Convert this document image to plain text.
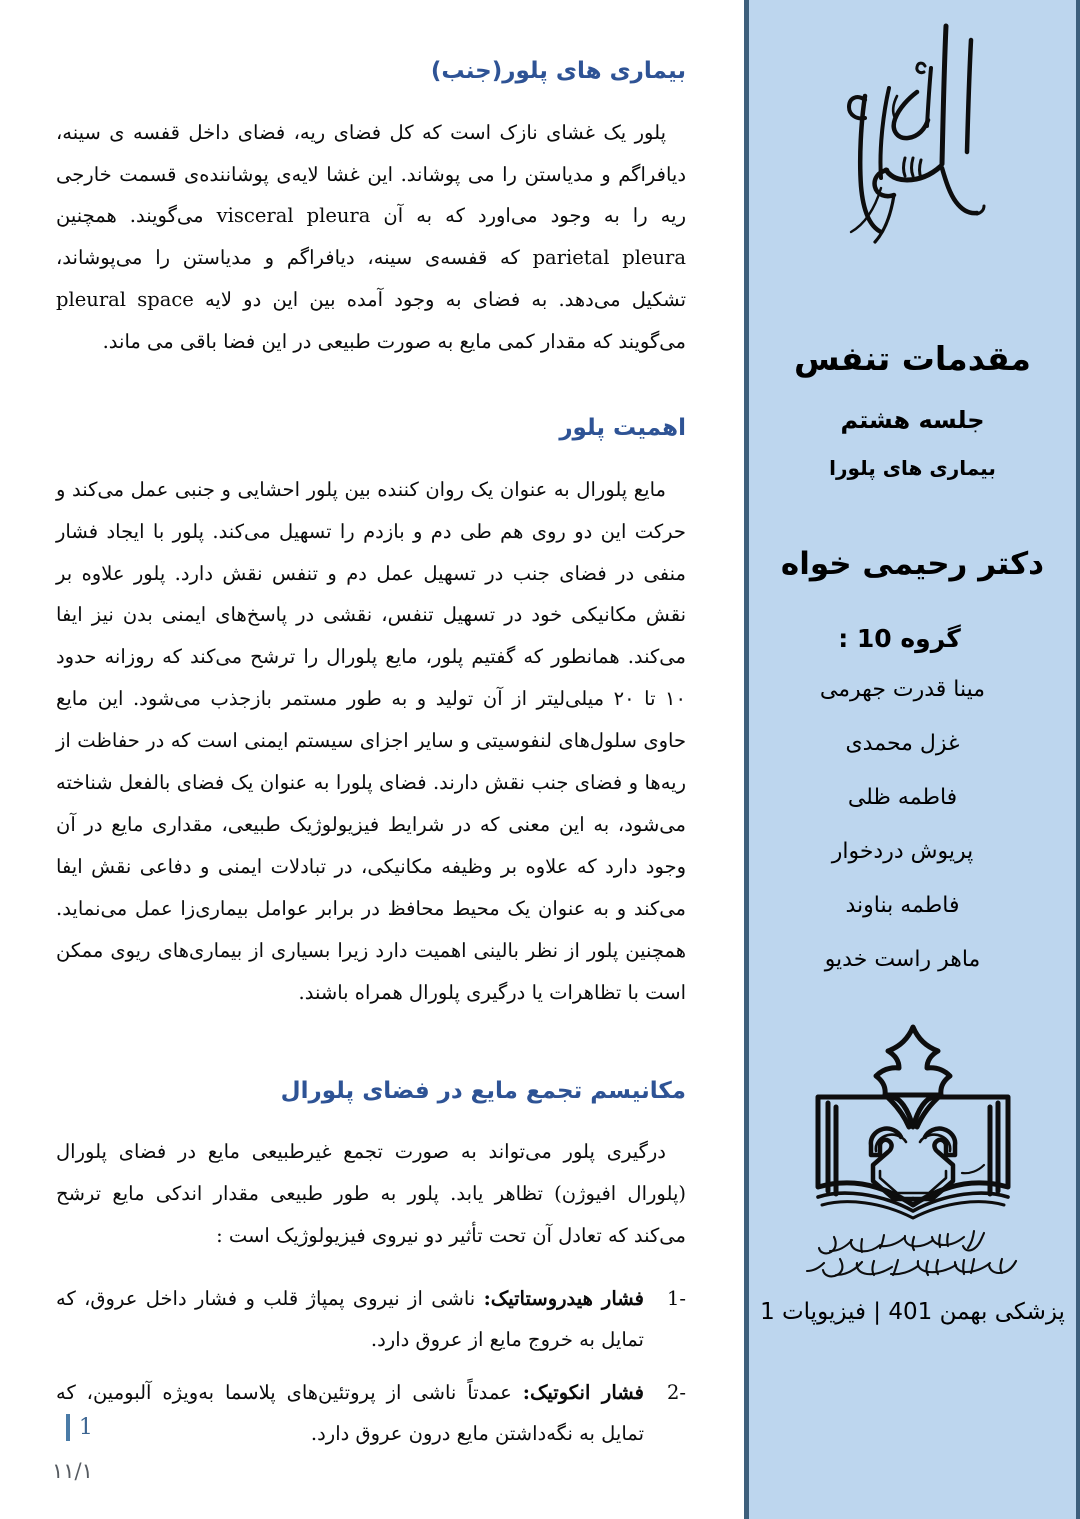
بیماری های پلور(جنب)

پلور یک غشای نازک است که کل فضای ریه، فضای داخل قفسه ی سینه، دیافراگم و مدیاستن را می پوشاند. این غشا لایه‌ی پوشاننده‌ی قسمت خارجی ریه را به وجود می‌اورد که به آن visceral pleura می‌گویند. همچنین parietal pleura که قفسه‌ی سینه، دیافراگم و مدیاستن را می‌پوشاند، تشکیل می‌دهد. به فضای به وجود آمده بین این دو لایه pleural space می‌گویند که مقدار کمی مایع به صورت طبیعی در این فضا باقی می ماند.

اهمیت پلور

مایع پلورال به عنوان یک روان کننده بین پلور احشایی و جنبی عمل می‌کند و حرکت این دو روی هم طی دم و بازدم را تسهیل می‌کند. پلور با ایجاد فشار منفی در فضای جنب در تسهیل عمل دم و تنفس نقش دارد. پلور علاوه بر نقش مکانیکی خود در تسهیل تنفس، نقشی در پاسخ‌های ایمنی بدن نیز ایفا می‌کند. همانطور که گفتیم پلور، مایع پلورال را ترشح می‌کند که روزانه حدود ۱۰ تا ۲۰ میلی‌لیتر از آن تولید و به طور مستمر بازجذب می‌شود. این مایع حاوی سلول‌های لنفوسیتی و سایر اجزای سیستم ایمنی است که در حفاظت از ریه‌ها و فضای جنب نقش دارند. فضای پلورا به عنوان یک فضای بالفعل شناخته می‌شود، به این معنی که در شرایط فیزیولوژیک طبیعی، مقداری مایع در آن وجود دارد که علاوه بر وظیفه مکانیکی، در تبادلات ایمنی و دفاعی نقش ایفا می‌کند و به عنوان یک محیط محافظ در برابر عوامل بیماری‌زا عمل می‌نماید. همچنین پلور از نظر بالینی اهمیت دارد زیرا بسیاری از بیماری‌های ریوی ممکن است با تظاهرات یا درگیری پلورال همراه باشند.

مکانیسم تجمع مایع در فضای پلورال

درگیری پلور می‌تواند به صورت تجمع غیرطبیعی مایع در فضای پلورال (پلورال افیوژن) تظاهر یابد. پلور به طور طبیعی مقدار اندکی مایع ترشح می‌کند که تعادل آن تحت تأثیر دو نیروی فیزیولوژیک است :

فشار هیدروستاتیک: ناشی از نیروی پمپاژ قلب و فشار داخل عروق، که تمایل به خروج مایع از عروق دارد.
فشار انکوتیک: عمدتاً ناشی از پروتئین‌های پلاسما به‌ویژه آلبومین، که تمایل به نگه‌داشتن مایع درون عروق دارد.
1
۱۱/۱
مقدمات تنفس
جلسه هشتم
بیماری های پلورا
دکتر رحیمی خواه
گروه 10 :
مینا قدرت جهرمی
غزل محمدی
فاطمه ظلی
پریوش دردخوار
فاطمه بناوند
ماهر راست خدیو
پزشکی بهمن 401 | فیزیوپات 1
